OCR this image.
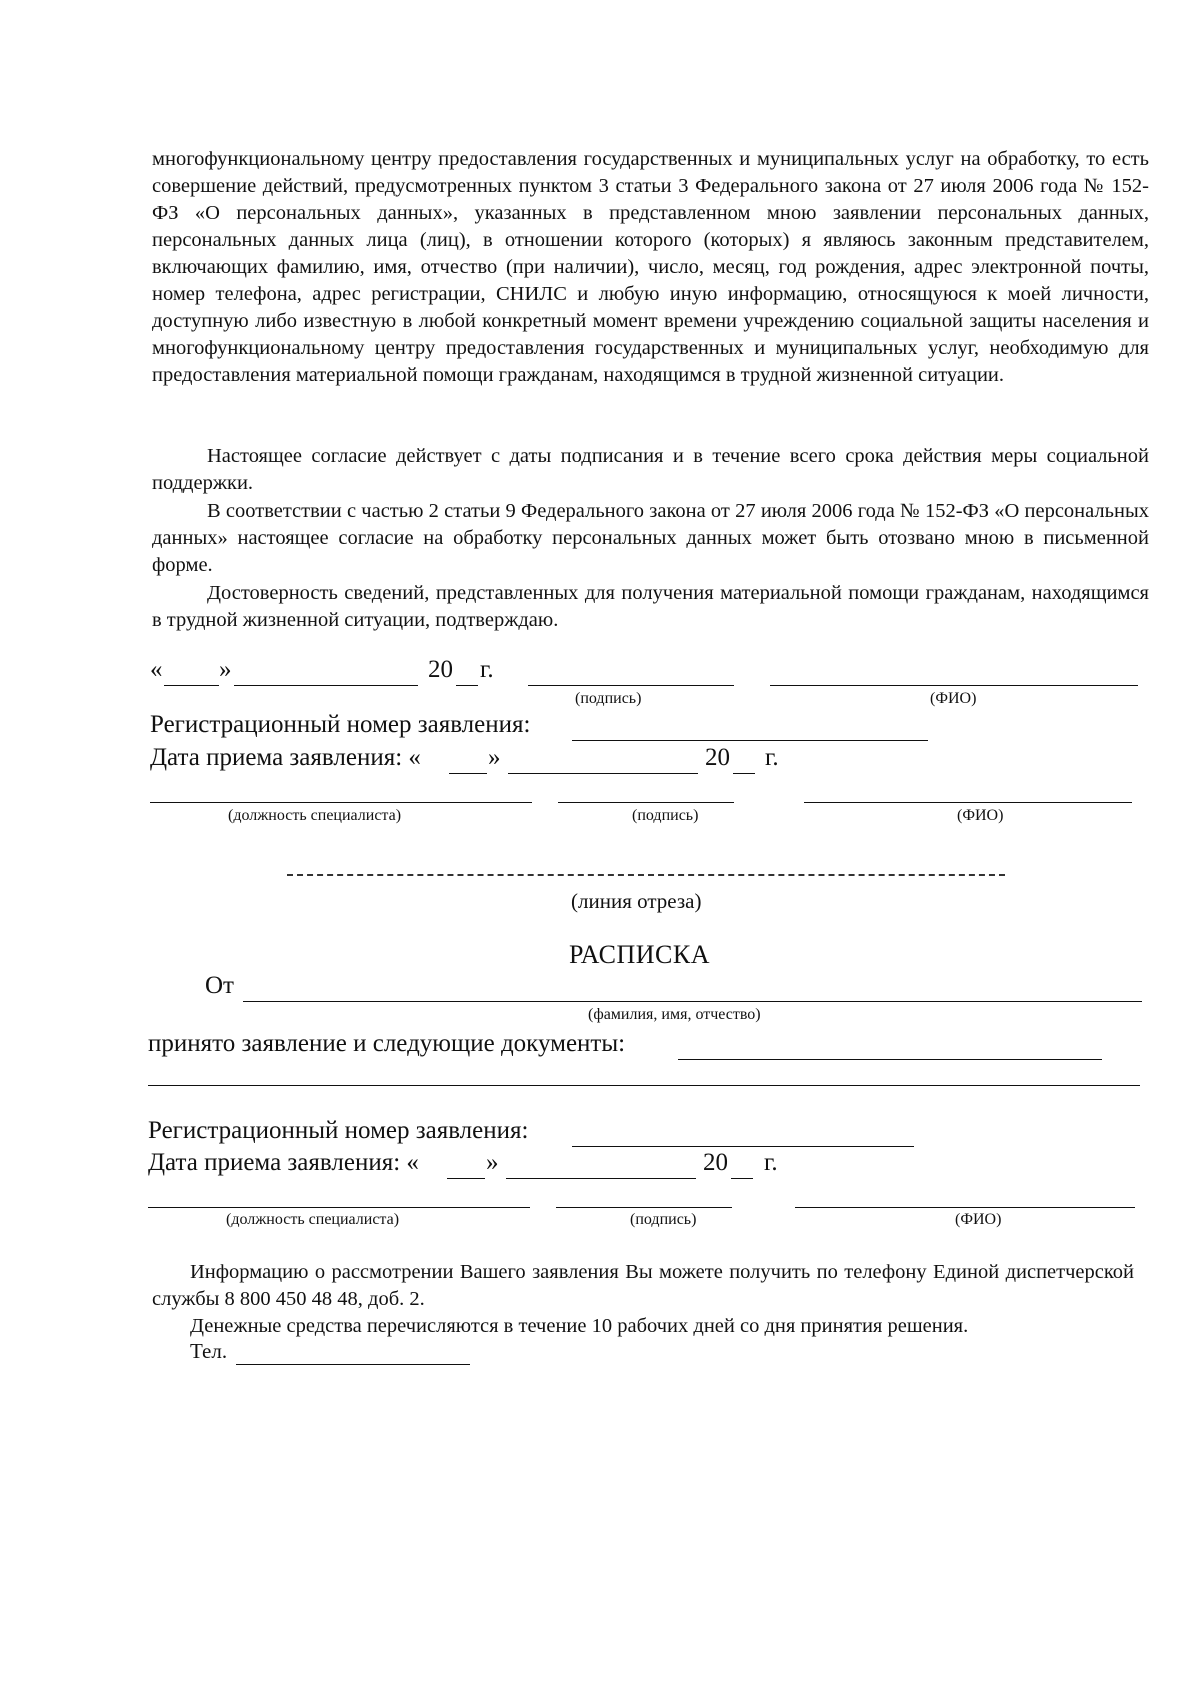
многофункциональному центру предоставления государственных и муниципальных услуг на обработку, то есть совершение действий, предусмотренных пунктом 3 статьи 3 Федерального закона от 27 июля 2006 года № 152-ФЗ «О персональных данных», указанных в представленном мною заявлении персональных данных, персональных данных лица (лиц), в отношении которого (которых) я являюсь законным представителем, включающих фамилию, имя, отчество (при наличии), число, месяц, год рождения, адрес электронной почты, номер телефона, адрес регистрации, СНИЛС и любую иную информацию, относящуюся к моей личности, доступную либо известную в любой конкретный момент времени учреждению социальной защиты населения и многофункциональному центру предоставления государственных и муниципальных услуг, необходимую для предоставления материальной помощи гражданам, находящимся в трудной жизненной ситуации.

Настоящее согласие действует с даты подписания и в течение всего срока действия меры социальной поддержки.

В соответствии с частью 2 статьи 9 Федерального закона от 27 июля 2006 года № 152-ФЗ «О персональных данных» настоящее согласие на обработку персональных данных может быть отозвано мною в письменной форме.

Достоверность сведений, представленных для получения материальной помощи гражданам, находящимся в трудной жизненной ситуации, подтверждаю.

« »	20 г.
(подпись)	(ФИО)
Регистрационный номер заявления:
Дата приема заявления: «	»	20 г.
(должность специалиста)	(подпись)	(ФИО)
(линия отреза)
РАСПИСКА
От
(фамилия, имя, отчество)
принято заявление и следующие документы:
Регистрационный номер заявления:
Дата приема заявления: «	»	20 г.
(должность специалиста)	(подпись)	(ФИО)

Информацию о рассмотрении Вашего заявления Вы можете получить по телефону Единой диспетчерской службы 8 800 450 48 48, доб. 2.

Денежные средства перечисляются в течение 10 рабочих дней со дня принятия решения.

Тел.
